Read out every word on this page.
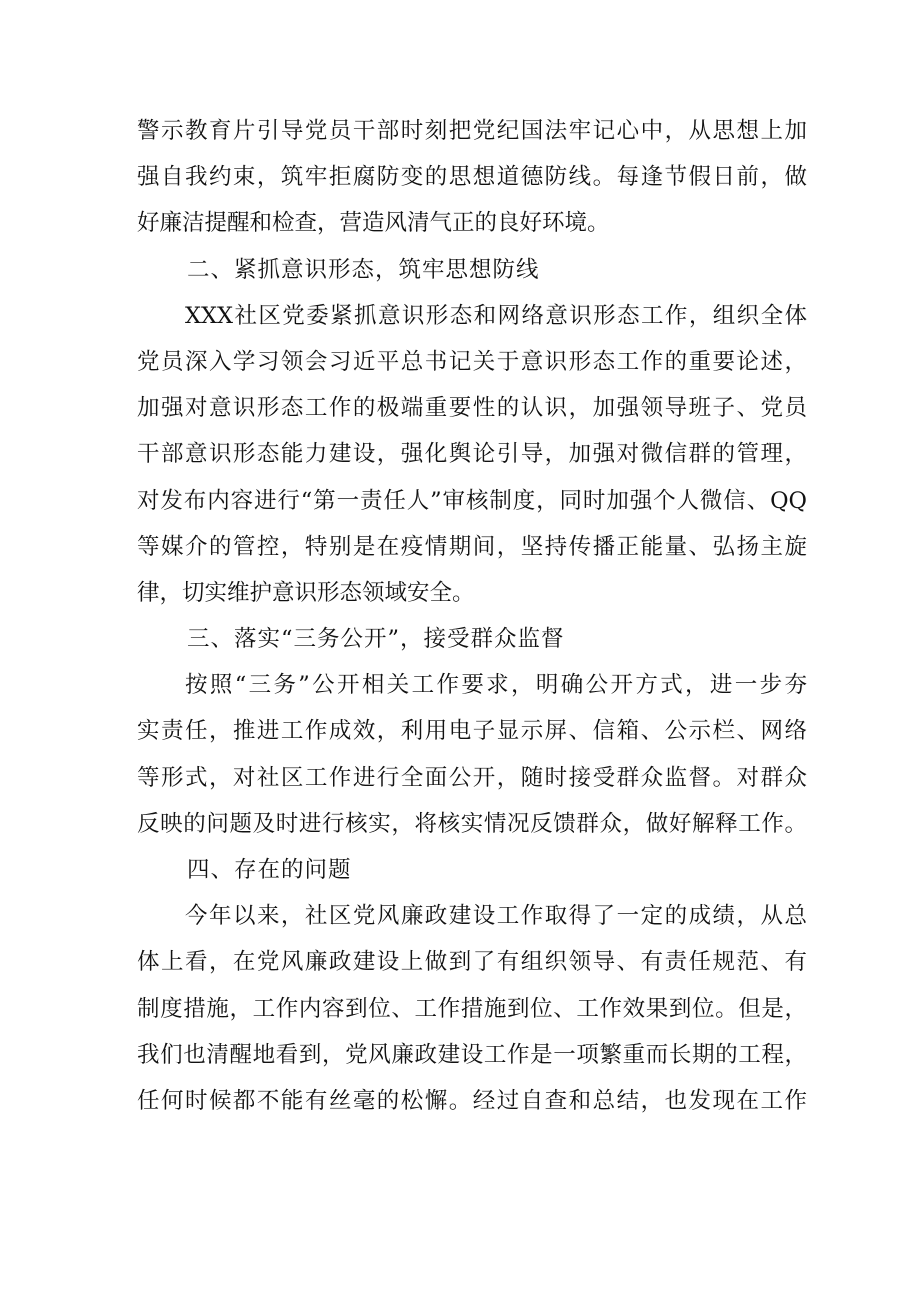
警示教育片引导党员干部时刻把党纪国法牢记心中，从思想上加
强自我约束，筑牢拒腐防变的思想道德防线。每逢节假日前，做
好廉洁提醒和检查，营造风清气正的良好环境。
二、紧抓意识形态，筑牢思想防线
XXX社区党委紧抓意识形态和网络意识形态工作，组织全体
党员深入学习领会习近平总书记关于意识形态工作的重要论述，
加强对意识形态工作的极端重要性的认识，加强领导班子、党员
干部意识形态能力建设，强化舆论引导，加强对微信群的管理，
对发布内容进行“第一责任人”审核制度，同时加强个人微信、QQ
等媒介的管控，特别是在疫情期间，坚持传播正能量、弘扬主旋
律，切实维护意识形态领域安全。
三、落实“三务公开”，接受群众监督
按照“三务”公开相关工作要求，明确公开方式，进一步夯
实责任，推进工作成效，利用电子显示屏、信箱、公示栏、网络
等形式，对社区工作进行全面公开，随时接受群众监督。对群众
反映的问题及时进行核实，将核实情况反馈群众，做好解释工作。
四、存在的问题
今年以来，社区党风廉政建设工作取得了一定的成绩，从总
体上看，在党风廉政建设上做到了有组织领导、有责任规范、有
制度措施，工作内容到位、工作措施到位、工作效果到位。但是，
我们也清醒地看到，党风廉政建设工作是一项繁重而长期的工程，
任何时候都不能有丝毫的松懈。经过自查和总结，也发现在工作
